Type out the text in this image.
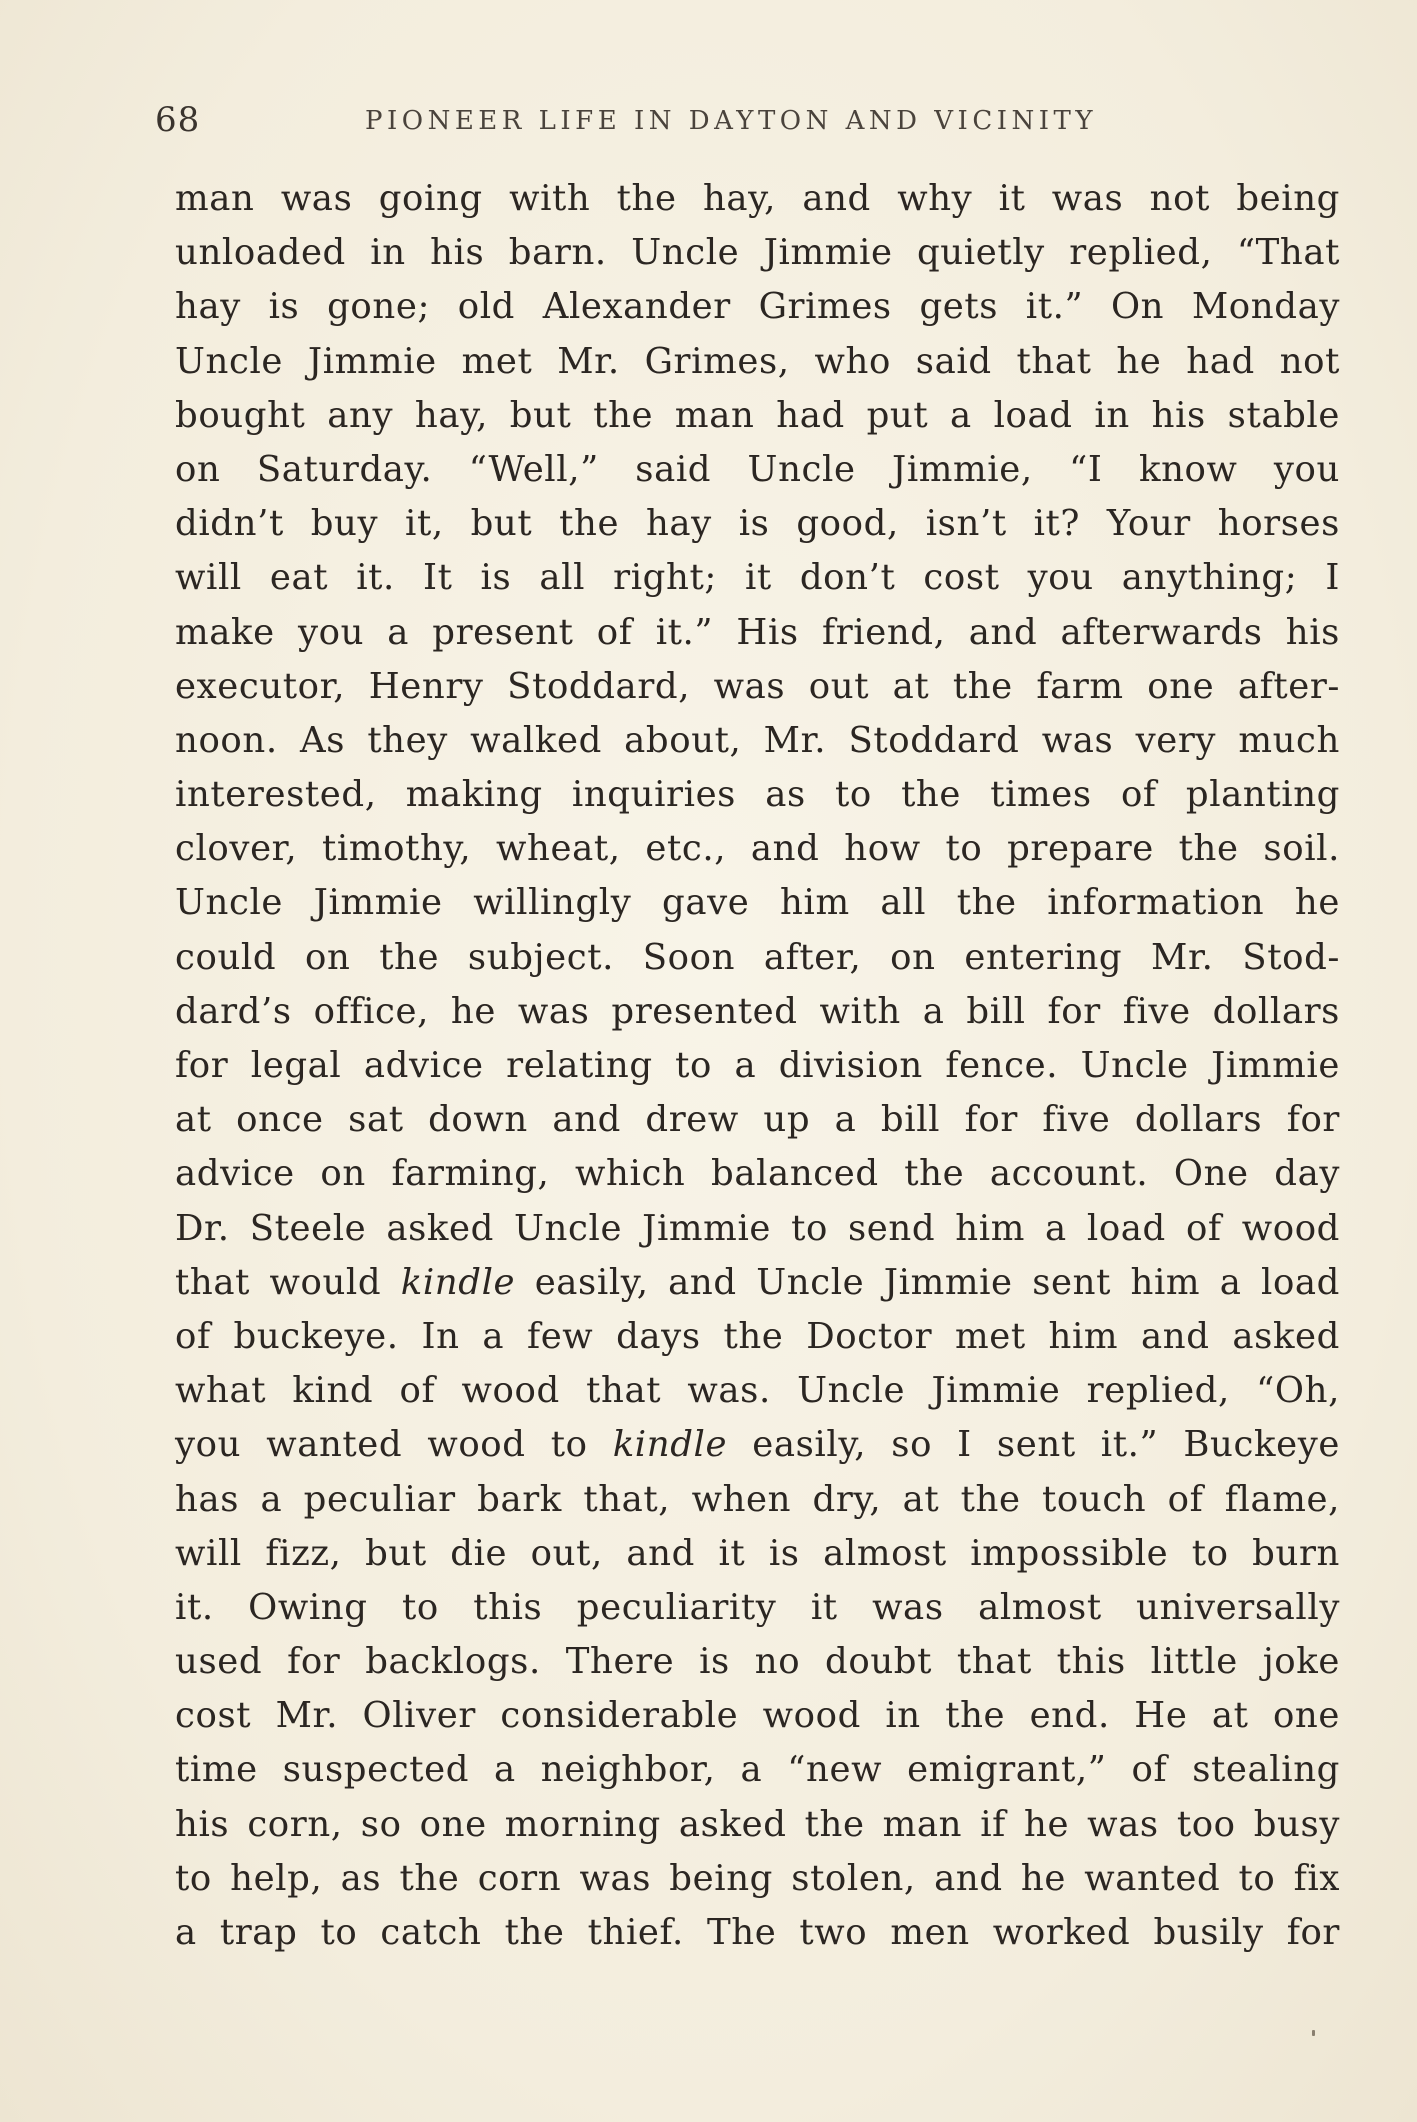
68	PIONEER LIFE IN DAYTON AND VICINITY
man was going with the hay, and why it was not being
unloaded in his barn. Uncle Jimmie quietly replied, “That
hay is gone; old Alexander Grimes gets it.” On Monday
Uncle Jimmie met Mr. Grimes, who said that he had not
bought any hay, but the man had put a load in his stable
on Saturday. “Well,” said Uncle Jimmie, “I know you
didn’t buy it, but the hay is good, isn’t it? Your horses
will eat it. It is all right; it don’t cost you anything; I
make you a present of it.” His friend, and afterwards his
executor, Henry Stoddard, was out at the farm one after-
noon. As they walked about, Mr. Stoddard was very much
interested, making inquiries as to the times of planting
clover, timothy, wheat, etc., and how to prepare the soil.
Uncle Jimmie willingly gave him all the information he
could on the subject. Soon after, on entering Mr. Stod-
dard’s office, he was presented with a bill for five dollars
for legal advice relating to a division fence. Uncle Jimmie
at once sat down and drew up a bill for five dollars for
advice on farming, which balanced the account. One day
Dr. Steele asked Uncle Jimmie to send him a load of wood
that would kindle easily, and Uncle Jimmie sent him a load
of buckeye. In a few days the Doctor met him and asked
what kind of wood that was. Uncle Jimmie replied, “Oh,
you wanted wood to kindle easily, so I sent it.” Buckeye
has a peculiar bark that, when dry, at the touch of flame,
will fizz, but die out, and it is almost impossible to burn
it. Owing to this peculiarity it was almost universally
used for backlogs. There is no doubt that this little joke
cost Mr. Oliver considerable wood in the end. He at one
time suspected a neighbor, a “new emigrant,” of stealing
his corn, so one morning asked the man if he was too busy
to help, as the corn was being stolen, and he wanted to fix
a trap to catch the thief. The two men worked busily for
